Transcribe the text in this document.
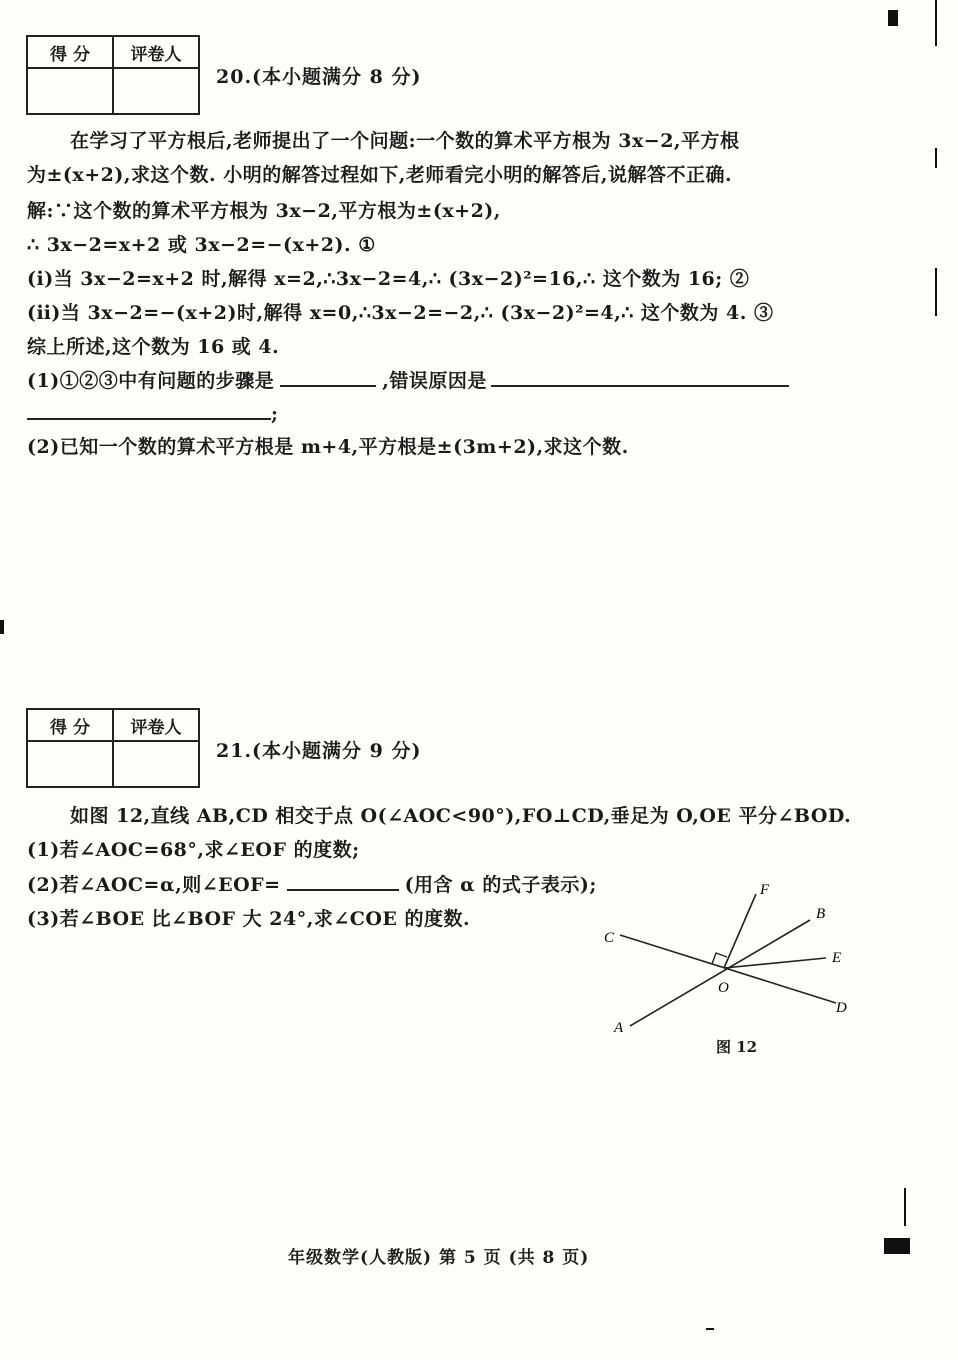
得 分	评卷人

20.(本小题满分 8 分)
在学习了平方根后,老师提出了一个问题:一个数的算术平方根为 3x−2,平方根
为±(x+2),求这个数. 小明的解答过程如下,老师看完小明的解答后,说解答不正确.
解:∵这个数的算术平方根为 3x−2,平方根为±(x+2),
∴ 3x−2=x+2 或 3x−2=−(x+2). ①
(ⅰ)当 3x−2=x+2 时,解得 x=2,∴3x−2=4,∴ (3x−2)²=16,∴ 这个数为 16; ②
(ⅱ)当 3x−2=−(x+2)时,解得 x=0,∴3x−2=−2,∴ (3x−2)²=4,∴ 这个数为 4. ③
综上所述,这个数为 16 或 4.
(1)①②③中有问题的步骤是	,错误原因是
;
(2)已知一个数的算术平方根是 m+4,平方根是±(3m+2),求这个数.
得 分	评卷人

21.(本小题满分 9 分)
如图 12,直线 AB,CD 相交于点 O(∠AOC<90°),FO⊥CD,垂足为 O,OE 平分∠BOD.
(1)若∠AOC=68°,求∠EOF 的度数;
(2)若∠AOC=α,则∠EOF=	(用含 α 的式子表示);
(3)若∠BOE 比∠BOF 大 24°,求∠COE 的度数.
F
B
C
E
O
D
A
图 12
年级数学(人教版) 第 5 页 (共 8 页)
